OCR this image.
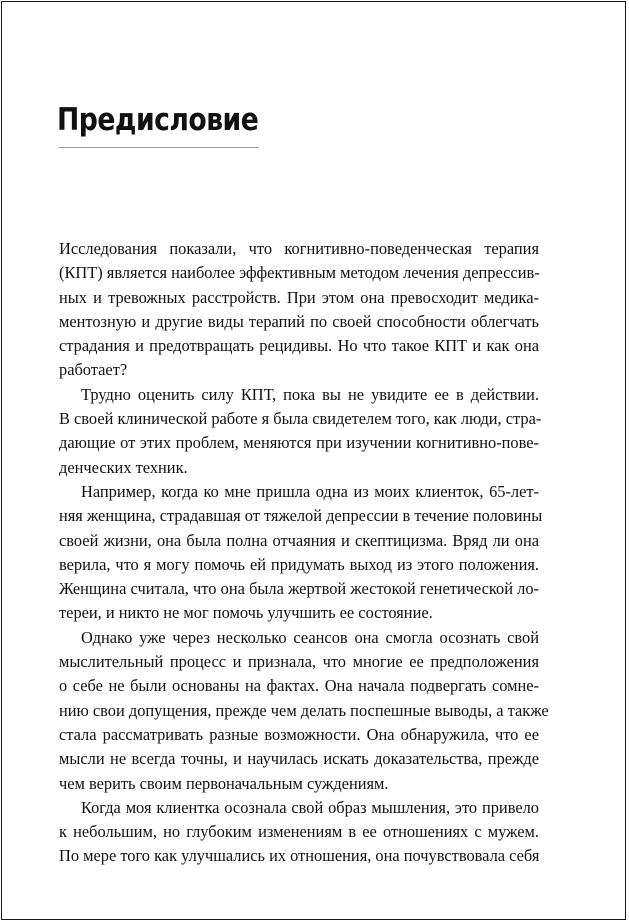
Предисловие
Исследования показали, что когнитивно-поведенческая терапия
(КПТ) является наиболее эффективным методом лечения депрессив-
ных и тревожных расстройств. При этом она превосходит медика-
ментозную и другие виды терапий по своей способности облегчать
страдания и предотвращать рецидивы. Но что такое КПТ и как она
работает?
Трудно оценить силу КПТ, пока вы не увидите ее в действии.
В своей клинической работе я была свидетелем того, как люди, стра-
дающие от этих проблем, меняются при изучении когнитивно-пове-
денческих техник.
Например, когда ко мне пришла одна из моих клиенток, 65-лет-
няя женщина, страдавшая от тяжелой депрессии в течение половины
своей жизни, она была полна отчаяния и скептицизма. Вряд ли она
верила, что я могу помочь ей придумать выход из этого положения.
Женщина считала, что она была жертвой жестокой генетической ло-
тереи, и никто не мог помочь улучшить ее состояние.
Однако уже через несколько сеансов она смогла осознать свой
мыслительный процесс и признала, что многие ее предположения
о себе не были основаны на фактах. Она начала подвергать сомне-
нию свои допущения, прежде чем делать поспешные выводы, а также
стала рассматривать разные возможности. Она обнаружила, что ее
мысли не всегда точны, и научилась искать доказательства, прежде
чем верить своим первоначальным суждениям.
Когда моя клиентка осознала свой образ мышления, это привело
к небольшим, но глубоким изменениям в ее отношениях с мужем.
По мере того как улучшались их отношения, она почувствовала себя
